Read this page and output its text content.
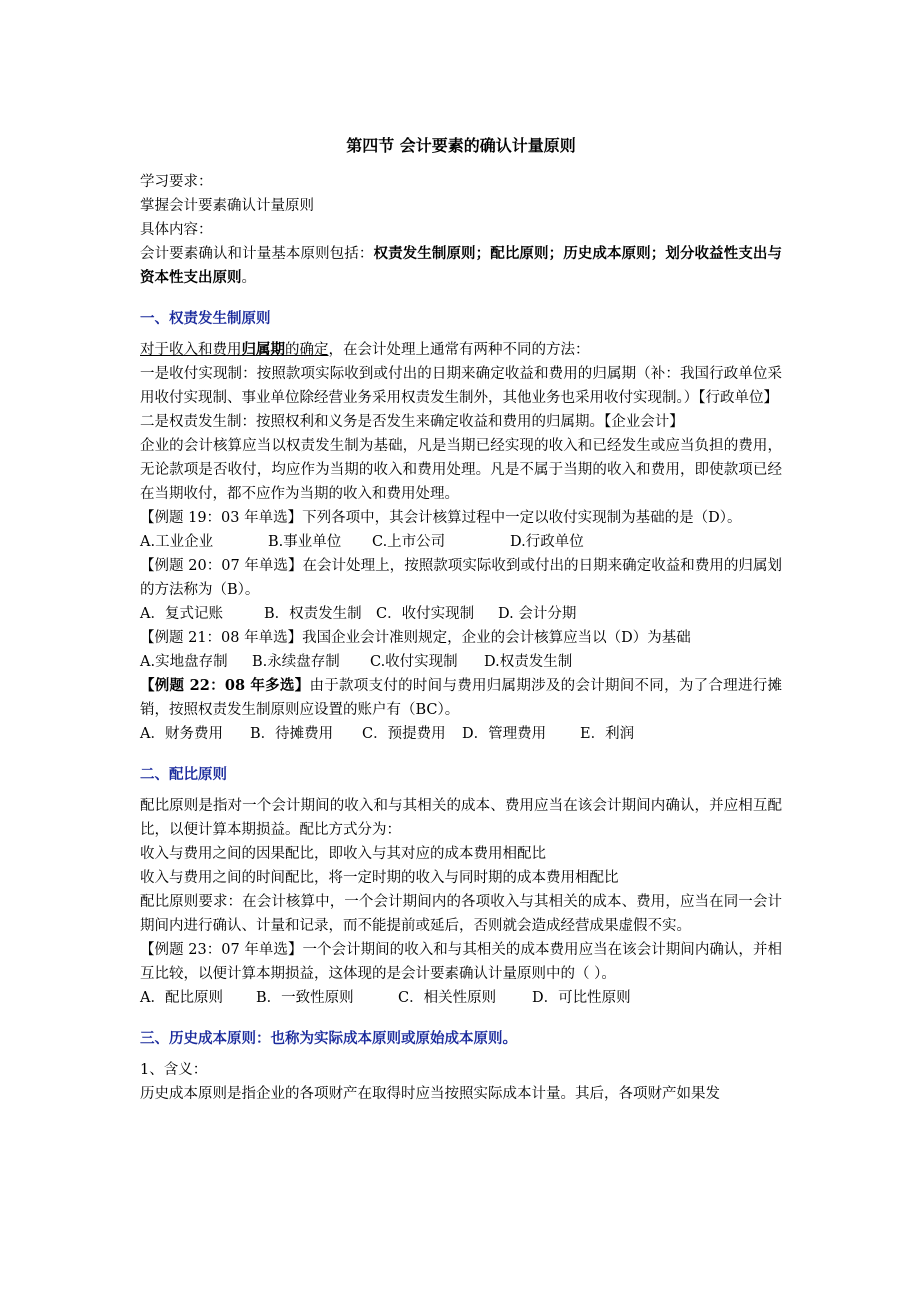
第四节 会计要素的确认计量原则

学习要求：

掌握会计要素确认计量原则

具体内容：

会计要素确认和计量基本原则包括：权责发生制原则；配比原则；历史成本原则；划分收益性支出与资本性支出原则。

一、权责发生制原则

对于收入和费用归属期的确定，在会计处理上通常有两种不同的方法：

一是收付实现制：按照款项实际收到或付出的日期来确定收益和费用的归属期（补：我国行政单位采用收付实现制、事业单位除经营业务采用权责发生制外，其他业务也采用收付实现制。）【行政单位】

二是权责发生制：按照权利和义务是否发生来确定收益和费用的归属期。【企业会计】

企业的会计核算应当以权责发生制为基础，凡是当期已经实现的收入和已经发生或应当负担的费用，无论款项是否收付，均应作为当期的收入和费用处理。凡是不属于当期的收入和费用，即使款项已经在当期收付，都不应作为当期的收入和费用处理。

【例题 19：03 年单选】下列各项中，其会计核算过程中一定以收付实现制为基础的是（D）。

A.工业企业	B.事业单位	C.上市公司	D.行政单位

【例题 20：07 年单选】在会计处理上，按照款项实际收到或付出的日期来确定收益和费用的归属划的方法称为（B）。

A．复式记账	B．权责发生制 C．收付实现制	D. 会计分期

【例题 21：08 年单选】我国企业会计准则规定，企业的会计核算应当以（D）为基础

A.实地盘存制	B.永续盘存制	C.收付实现制	D.权责发生制

【例题 22：08 年多选】由于款项支付的时间与费用归属期涉及的会计期间不同，为了合理进行摊销，按照权责发生制原则应设置的账户有（BC）。

A．财务费用	B．待摊费用	C．预提费用	D．管理费用	E．利润
二、配比原则

配比原则是指对一个会计期间的收入和与其相关的成本、费用应当在该会计期间内确认，并应相互配比，以便计算本期损益。配比方式分为：

收入与费用之间的因果配比，即收入与其对应的成本费用相配比

收入与费用之间的时间配比，将一定时期的收入与同时期的成本费用相配比

配比原则要求：在会计核算中，一个会计期间内的各项收入与其相关的成本、费用，应当在同一会计期间内进行确认、计量和记录，而不能提前或延后，否则就会造成经营成果虚假不实。

【例题 23：07 年单选】一个会计期间的收入和与其相关的成本费用应当在该会计期间内确认，并相互比较，以便计算本期损益，这体现的是会计要素确认计量原则中的（ ）。

A．配比原则	B．一致性原则	C．相关性原则	D．可比性原则
三、历史成本原则：也称为实际成本原则或原始成本原则。

1、含义：

历史成本原则是指企业的各项财产在取得时应当按照实际成本计量。其后，各项财产如果发
